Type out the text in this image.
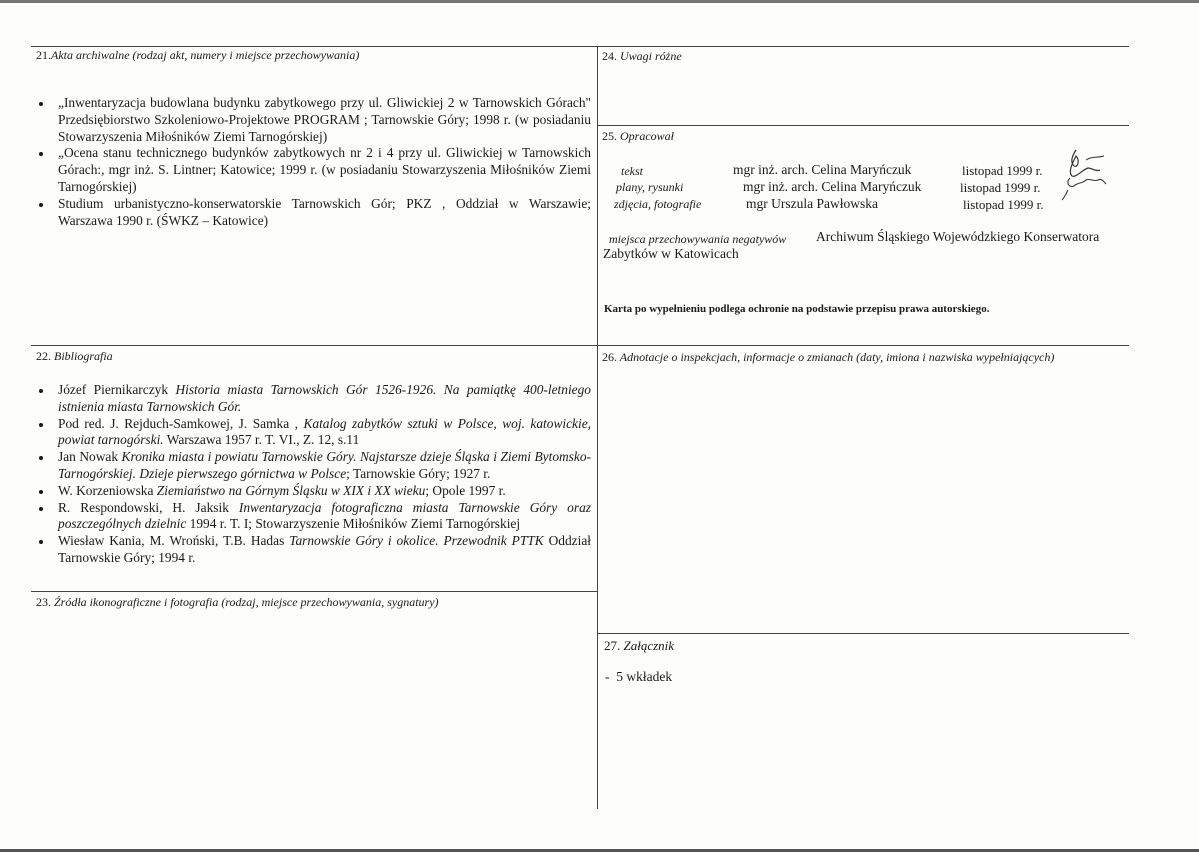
21.Akta archiwalne (rodzaj akt, numery i miejsce przechowywania)
„Inwentaryzacja budowlana budynku zabytkowego przy ul. Gliwickiej 2 w Tarnowskich Górach" Przedsiębiorstwo Szkoleniowo-Projektowe PROGRAM ; Tarnowskie Góry; 1998 r. (w posiadaniu Stowarzyszenia Miłośników Ziemi Tarnogórskiej)
„Ocena stanu technicznego budynków zabytkowych nr 2 i 4 przy ul. Gliwickiej w Tarnowskich Górach:, mgr inż. S. Lintner; Katowice; 1999 r. (w posiadaniu Stowarzyszenia Miłośników Ziemi Tarnogórskiej)
Studium urbanistyczno-konserwatorskie Tarnowskich Gór; PKZ , Oddział w Warszawie; Warszawa 1990 r. (ŚWKZ – Katowice)
22. Bibliografia
Józef Piernikarczyk Historia miasta Tarnowskich Gór 1526-1926. Na pamiątkę 400-letniego istnienia miasta Tarnowskich Gór.
Pod red. J. Rejduch-Samkowej, J. Samka , Katalog zabytków sztuki w Polsce, woj. katowickie, powiat tarnogórski. Warszawa 1957 r. T. VI., Z. 12, s.11
Jan Nowak Kronika miasta i powiatu Tarnowskie Góry. Najstarsze dzieje Śląska i Ziemi Bytomsko-Tarnogórskiej. Dzieje pierwszego górnictwa w Polsce; Tarnowskie Góry; 1927 r.
W. Korzeniowska Ziemiaństwo na Górnym Śląsku w XIX i XX wieku; Opole 1997 r.
R. Respondowski, H. Jaksik Inwentaryzacja fotograficzna miasta Tarnowskie Góry oraz poszczególnych dzielnic 1994 r. T. I; Stowarzyszenie Miłośników Ziemi Tarnogórskiej
Wiesław Kania, M. Wroński, T.B. Hadas Tarnowskie Góry i okolice. Przewodnik PTTK Oddział Tarnowskie Góry; 1994 r.
23. Źródła ikonograficzne i fotografia (rodzaj, miejsce przechowywania, sygnatury)
24. Uwagi różne
25. Opracował
tekst	mgr inż. arch. Celina Maryńczuk	listopad 1999 r.
plany, rysunki	mgr inż. arch. Celina Maryńczuk	listopad 1999 r.
zdjęcia, fotografie	mgr Urszula Pawłowska	listopad 1999 r.
miejsca przechowywania negatywów Archiwum Śląskiego Wojewódzkiego Konserwatora
Zabytków w Katowicach
Karta po wypełnieniu podlega ochronie na podstawie przepisu prawa autorskiego.
26. Adnotacje o inspekcjach, informacje o zmianach (daty, imiona i nazwiska wypełniających)
27. Załącznik
-  5 wkładek
